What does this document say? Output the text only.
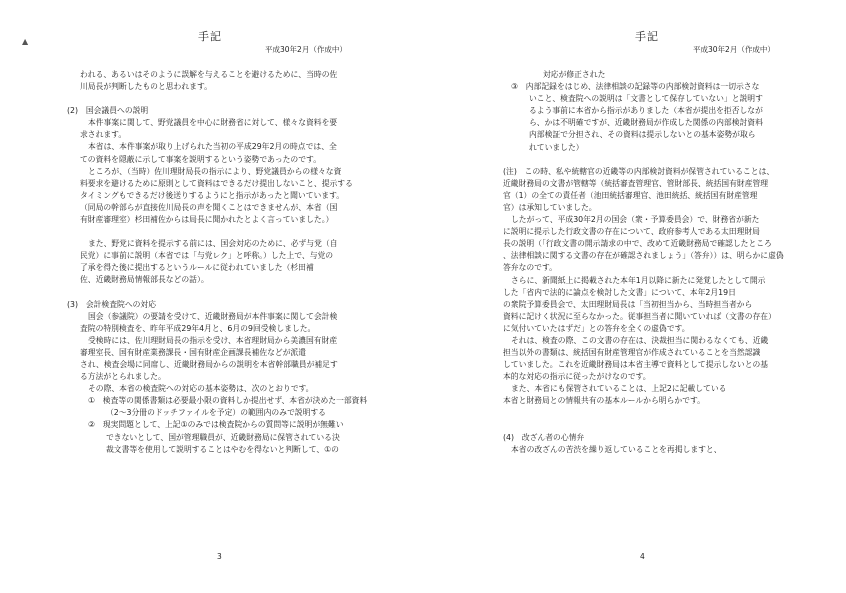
▲	手記
平成30年2月（作成中）
われる、あるいはそのように誤解を与えることを避けるために、当時の佐
川局長が判断したものと思われます。
(2)　国会議員への説明
本件事案に関して、野党議員を中心に財務省に対して、様々な資料を要
求されます。
本省は、本件事案が取り上げられた当初の平成29年2月の時点では、全
ての資料を隠蔽に示して事案を説明するという姿勢であったのです。
ところが、（当時）佐川理財局長の指示により、野党議員からの様々な資
料要求を避けるために原則として資料はできるだけ提出しないこと、提示する
タイミングもできるだけ後送りするようにと指示があったと聞いています。
（同局の幹部らが直接佐川局長の声を聞くことはできませんが、本省（国
有財産審理室）杉田補佐からは局長に聞かれたとよく言っていました。）
また、野党に資料を提示する前には、国会対応のために、必ず与党（自
民党）に事前に説明（本省では「与党レク」と呼称。）した上で、与党の
了承を得た後に提出するというルールに従われていました（杉田補
佐、近畿財務局情報部長などの話）。
(3)　会計検査院への対応
国会（参議院）の要請を受けて、近畿財務局が本件事案に関して会計検
査院の特別検査を、昨年平成29年4月と、6月の9回受検しました。
受検時には、佐川理財局長の指示を受け、本省理財局から美濃国有財産
審理室長、国有財産業務課長・国有財産企画課長補佐などが派遣
され、検査会場に同席し、近畿財務局からの説明を本省幹部職員が補足す
る方法がとられました。
その際、本省の検査院への対応の基本姿勢は、次のとおりです。
①　検査等の関係書類は必要最小限の資料しか提出せず、本省が決めた一部資料
（2〜3分冊のドッチファイルを予定）の範囲内のみで説明する
②　現実問題として、上記①のみでは検査院からの質問等に説明が無難い
できないとして、国が管理職員が、近畿財務局に保管されている決
裁文書等を使用して説明することはやむを得ないと判断して、①の
3
手記
平成30年2月（作成中）
対応が修正された
③　内部記録をはじめ、法律相談の記録等の内部検討資料は一切示さな
いこと、検査院への説明は「文書として保存していない」と説明す
るよう事前に本省から指示がありました（本省が提出を拒否しなが
ら、かは不明確ですが、近畿財務局が作成した関係の内部検討資料
内部検証で分担され、その資料は提示しないとの基本姿勢が取ら
れていました）
(注)　この時、私や統轄官の近畿等の内部検討資料が保管されていることは、
近畿財務局の文書が管轄等（統括審査管理官、管財部長、統括国有財産管理
官（1）の全ての責任者（池田統括審理官、池田統括、統括国有財産管理
官）は承知していました。
したがって、平成30年2月の国会（衆・予算委員会）で、財務省が新た
に説明に提示した行政文書の存在について、政府参考人である太田理財局
長の説明（「行政文書の開示請求の中で、改めて近畿財務局で確認したところ
、法律相談に関する文書の存在が確認されましょう」（答弁））は、明らかに虚偽
答弁なのです。
さらに、新聞紙上に掲載された本年1月以降に新たに発覚したとして開示
した「省内で法的に論点を検討した文書」について、本年2月19日
の衆院予算委員会で、太田理財局長は「当初担当から、当時担当者から
資料に記けく状況に至らなかった。従事担当者に聞いていれば（文書の存在）
に気付いていたはずだ」との答弁を全くの虚偽です。
それは、検査の際、この文書の存在は、決裁担当に関わるなくても、近畿
担当以外の書類は、統括国有財産管理官が作成されていることを当然認識
していました。これを近畿財務局は本省主導で資料として提示しないとの基
本的な対応の指示に従ったがけなのです。
また、本省にも保管されていることは、上記2に記載している
本省と財務局との情報共有の基本ルールから明らかです。
(4)　改ざん者の心情弁
本省の改ざんの苦渋を繰り返していることを再掲しますと、
4
